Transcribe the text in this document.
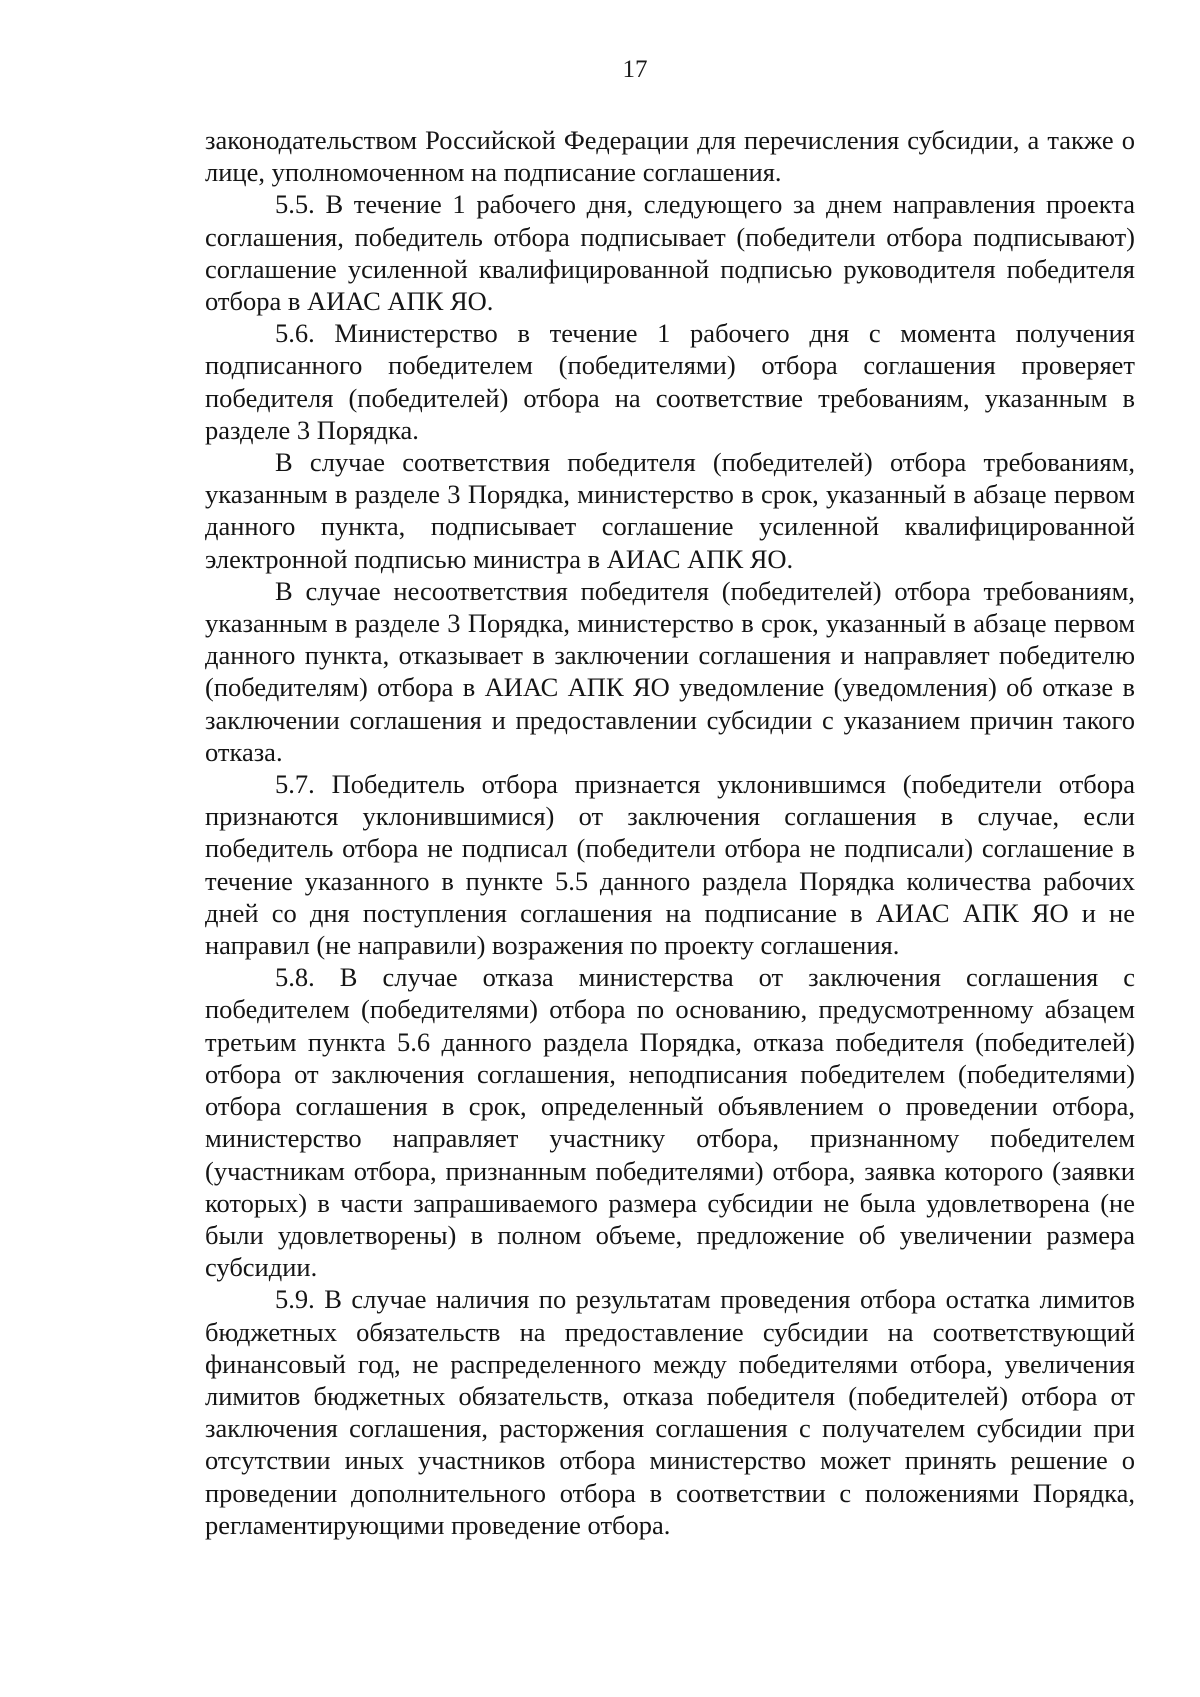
17

законодательством Российской Федерации для перечисления субсидии, а также о лице, уполномоченном на подписание соглашения.

5.5. В течение 1 рабочего дня, следующего за днем направления проекта соглашения, победитель отбора подписывает (победители отбора подписывают) соглашение усиленной квалифицированной подписью руководителя победителя отбора в АИАС АПК ЯО.

5.6. Министерство в течение 1 рабочего дня с момента получения подписанного победителем (победителями) отбора соглашения проверяет победителя (победителей) отбора на соответствие требованиям, указанным в разделе 3 Порядка.

В случае соответствия победителя (победителей) отбора требованиям, указанным в разделе 3 Порядка, министерство в срок, указанный в абзаце первом данного пункта, подписывает соглашение усиленной квалифицированной электронной подписью министра в АИАС АПК ЯО.

В случае несоответствия победителя (победителей) отбора требованиям, указанным в разделе 3 Порядка, министерство в срок, указанный в абзаце первом данного пункта, отказывает в заключении соглашения и направляет победителю (победителям) отбора в АИАС АПК ЯО уведомление (уведомления) об отказе в заключении соглашения и предоставлении субсидии с указанием причин такого отказа.

5.7. Победитель отбора признается уклонившимся (победители отбора признаются уклонившимися) от заключения соглашения в случае, если победитель отбора не подписал (победители отбора не подписали) соглашение в течение указанного в пункте 5.5 данного раздела Порядка количества рабочих дней со дня поступления соглашения на подписание в АИАС АПК ЯО и не направил (не направили) возражения по проекту соглашения.

5.8. В случае отказа министерства от заключения соглашения с победителем (победителями) отбора по основанию, предусмотренному абзацем третьим пункта 5.6 данного раздела Порядка, отказа победителя (победителей) отбора от заключения соглашения, неподписания победителем (победителями) отбора соглашения в срок, определенный объявлением о проведении отбора, министерство направляет участнику отбора, признанному победителем (участникам отбора, признанным победителями) отбора, заявка которого (заявки которых) в части запрашиваемого размера субсидии не была удовлетворена (не были удовлетворены) в полном объеме, предложение об увеличении размера субсидии.

5.9. В случае наличия по результатам проведения отбора остатка лимитов бюджетных обязательств на предоставление субсидии на соответствующий финансовый год, не распределенного между победителями отбора, увеличения лимитов бюджетных обязательств, отказа победителя (победителей) отбора от заключения соглашения, расторжения соглашения с получателем субсидии при отсутствии иных участников отбора министерство может принять решение о проведении дополнительного отбора в соответствии с положениями Порядка, регламентирующими проведение отбора.
